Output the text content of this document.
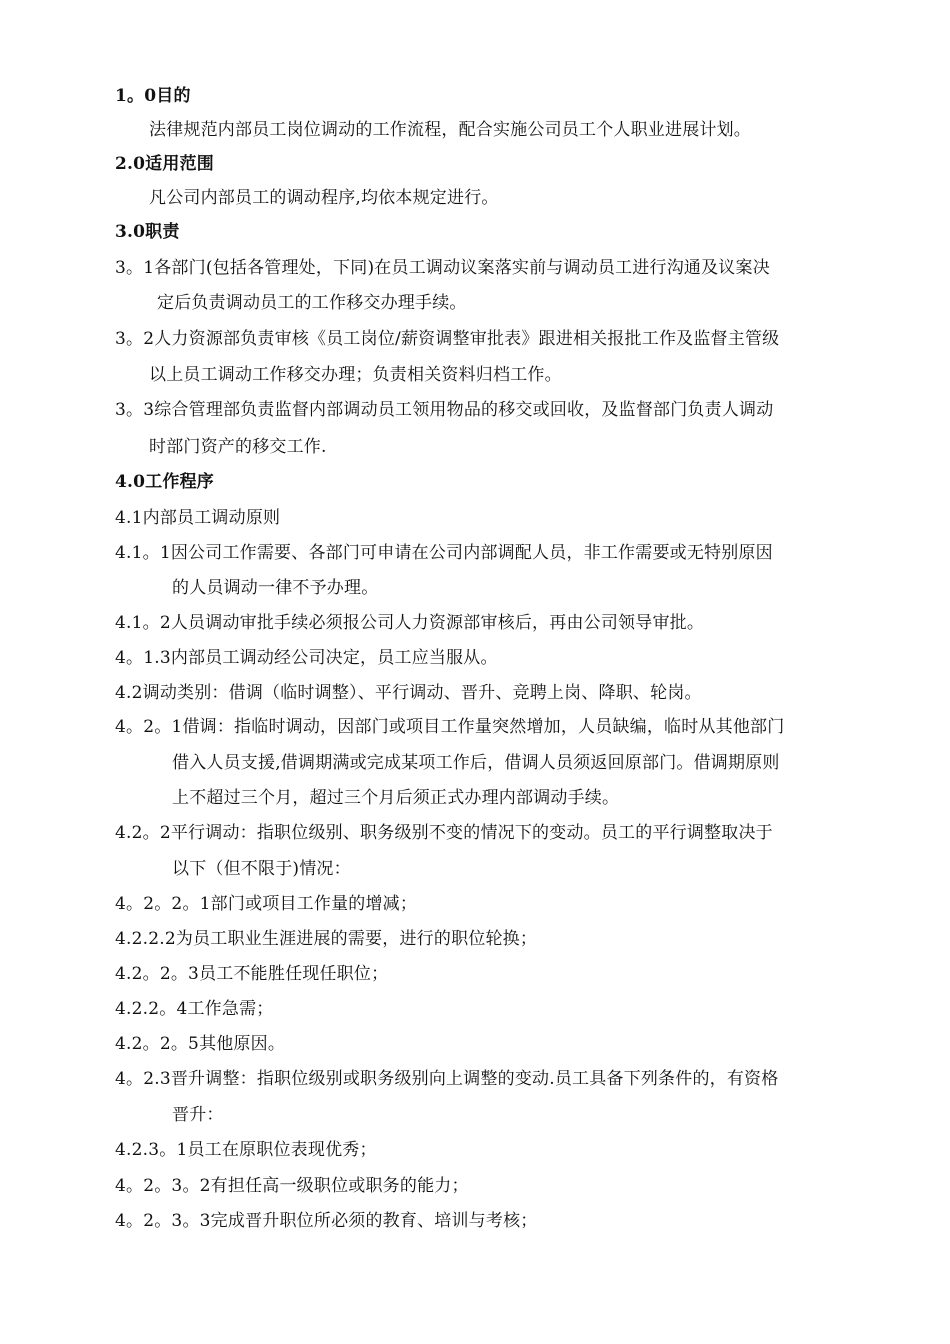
1。0目的
法律规范内部员工岗位调动的工作流程，配合实施公司员工个人职业进展计划。
2.0适用范围
凡公司内部员工的调动程序,均依本规定进行。
3.0职责
3。1各部门(包括各管理处，下同)在员工调动议案落实前与调动员工进行沟通及议案决
定后负责调动员工的工作移交办理手续。
3。2人力资源部负责审核《员工岗位/薪资调整审批表》跟进相关报批工作及监督主管级
以上员工调动工作移交办理；负责相关资料归档工作。
3。3综合管理部负责监督内部调动员工领用物品的移交或回收，及监督部门负责人调动
时部门资产的移交工作.
4.0工作程序
4.1内部员工调动原则
4.1。1因公司工作需要、各部门可申请在公司内部调配人员，非工作需要或无特别原因
的人员调动一律不予办理。
4.1。2人员调动审批手续必须报公司人力资源部审核后，再由公司领导审批。
4。1.3内部员工调动经公司决定，员工应当服从。
4.2调动类别：借调（临时调整）、平行调动、晋升、竞聘上岗、降职、轮岗。
4。2。1借调：指临时调动，因部门或项目工作量突然增加，人员缺编，临时从其他部门
借入人员支援,借调期满或完成某项工作后，借调人员须返回原部门。借调期原则
上不超过三个月，超过三个月后须正式办理内部调动手续。
4.2。2平行调动：指职位级别、职务级别不变的情况下的变动。员工的平行调整取决于
以下（但不限于)情况：
4。2。2。1部门或项目工作量的增减；
4.2.2.2为员工职业生涯进展的需要，进行的职位轮换；
4.2。2。3员工不能胜任现任职位；
4.2.2。4工作急需；
4.2。2。5其他原因。
4。2.3晋升调整：指职位级别或职务级别向上调整的变动.员工具备下列条件的，有资格
晋升：
4.2.3。1员工在原职位表现优秀；
4。2。3。2有担任高一级职位或职务的能力；
4。2。3。3完成晋升职位所必须的教育、培训与考核；
